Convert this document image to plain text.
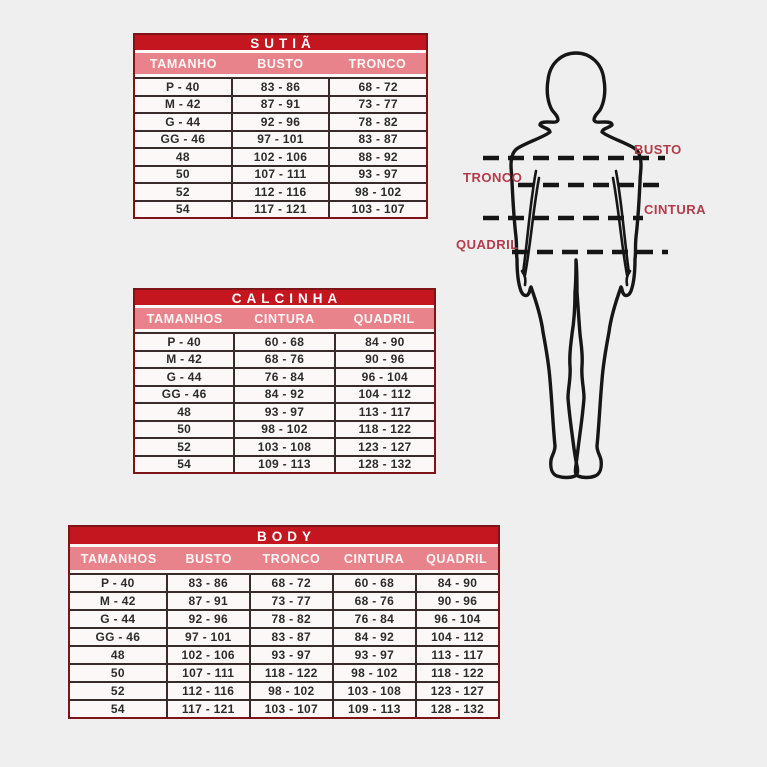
SUTIÃ
TAMANHO	BUSTO	TRONCO
P - 40	83 - 86	68 - 72
M - 42	87 - 91	73 - 77
G - 44	92 - 96	78 - 82
GG - 46	97 - 101	83 - 87
48	102 - 106	88 - 92
50	107 - 111	93 - 97
52	112 - 116	98 - 102
54	117 - 121	103 - 107
CALCINHA
TAMANHOS	CINTURA	QUADRIL
P - 40	60 - 68	84 - 90
M - 42	68 - 76	90 - 96
G - 44	76 - 84	96 - 104
GG - 46	84 - 92	104 - 112
48	93 - 97	113 - 117
50	98 - 102	118 - 122
52	103 - 108	123 - 127
54	109 - 113	128 - 132
BODY
TAMANHOS	BUSTO	TRONCO	CINTURA	QUADRIL
P - 40	83 - 86	68 - 72	60 - 68	84 - 90
M - 42	87 - 91	73 - 77	68 - 76	90 - 96
G - 44	92 - 96	78 - 82	76 - 84	96 - 104
GG - 46	97 - 101	83 - 87	84 - 92	104 - 112
48	102 - 106	93 - 97	93 - 97	113 - 117
50	107 - 111	118 - 122	98 - 102	118 - 122
52	112 - 116	98 - 102	103 - 108	123 - 127
54	117 - 121	103 - 107	109 - 113	128 - 132
BUSTO
TRONCO
CINTURA
QUADRIL
